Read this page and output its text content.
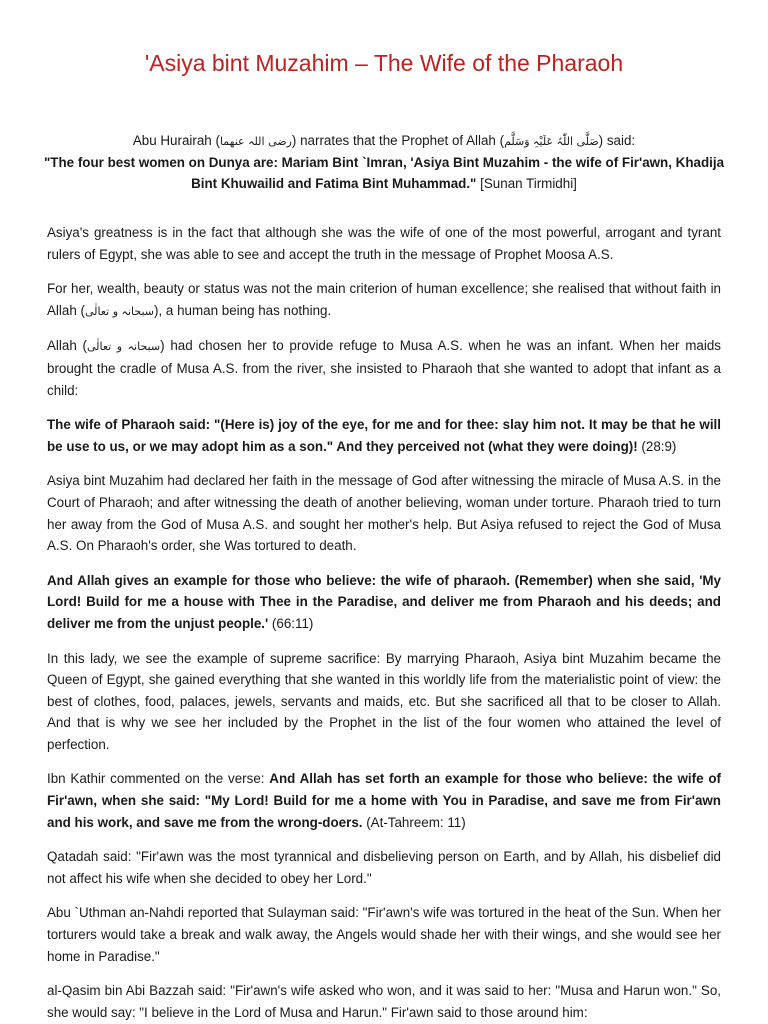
'Asiya bint Muzahim – The Wife of the Pharaoh
Abu Hurairah (رضی اللہ عنھما) narrates that the Prophet of Allah (صَلَّی اللّٰہُ عَلَیْہِ وَسَلَّم) said:
"The four best women on Dunya are: Mariam Bint `Imran, 'Asiya Bint Muzahim - the wife of Fir'awn, Khadija Bint Khuwailid and Fatima Bint Muhammad." [Sunan Tirmidhi]

Asiya's greatness is in the fact that although she was the wife of one of the most powerful, arrogant and tyrant rulers of Egypt, she was able to see and accept the truth in the message of Prophet Moosa A.S.

For her, wealth, beauty or status was not the main criterion of human excellence; she realised that without faith in Allah (سبحانہ و تعالٰی), a human being has nothing.

Allah (سبحانہ و تعالٰی) had chosen her to provide refuge to Musa A.S. when he was an infant. When her maids brought the cradle of Musa A.S. from the river, she insisted to Pharaoh that she wanted to adopt that infant as a child:

The wife of Pharaoh said: "(Here is) joy of the eye, for me and for thee: slay him not. It may be that he will be use to us, or we may adopt him as a son." And they perceived not (what they were doing)! (28:9)

Asiya bint Muzahim had declared her faith in the message of God after witnessing the miracle of Musa A.S. in the Court of Pharaoh; and after witnessing the death of another believing, woman under torture. Pharaoh tried to turn her away from the God of Musa A.S. and sought her mother's help. But Asiya refused to reject the God of Musa A.S. On Pharaoh's order, she Was tortured to death.

And Allah gives an example for those who believe: the wife of pharaoh. (Remember) when she said, 'My Lord! Build for me a house with Thee in the Paradise, and deliver me from Pharaoh and his deeds; and deliver me from the unjust people.' (66:11)

In this lady, we see the example of supreme sacrifice: By marrying Pharaoh, Asiya bint Muzahim became the Queen of Egypt, she gained everything that she wanted in this worldly life from the materialistic point of view: the best of clothes, food, palaces, jewels, servants and maids, etc. But she sacrificed all that to be closer to Allah. And that is why we see her included by the Prophet in the list of the four women who attained the level of perfection.

Ibn Kathir commented on the verse: And Allah has set forth an example for those who believe: the wife of Fir'awn, when she said: "My Lord! Build for me a home with You in Paradise, and save me from Fir'awn and his work, and save me from the wrong-doers. (At-Tahreem: 11)

Qatadah said: "Fir'awn was the most tyrannical and disbelieving person on Earth, and by Allah, his disbelief did not affect his wife when she decided to obey her Lord."

Abu `Uthman an-Nahdi reported that Sulayman said: "Fir'awn's wife was tortured in the heat of the Sun. When her torturers would take a break and walk away, the Angels would shade her with their wings, and she would see her home in Paradise."

al-Qasim bin Abi Bazzah said: "Fir'awn's wife asked who won, and it was said to her: "Musa and Harun won." So, she would say: "I believe in the Lord of Musa and Harun." Fir'awn said to those around him:
